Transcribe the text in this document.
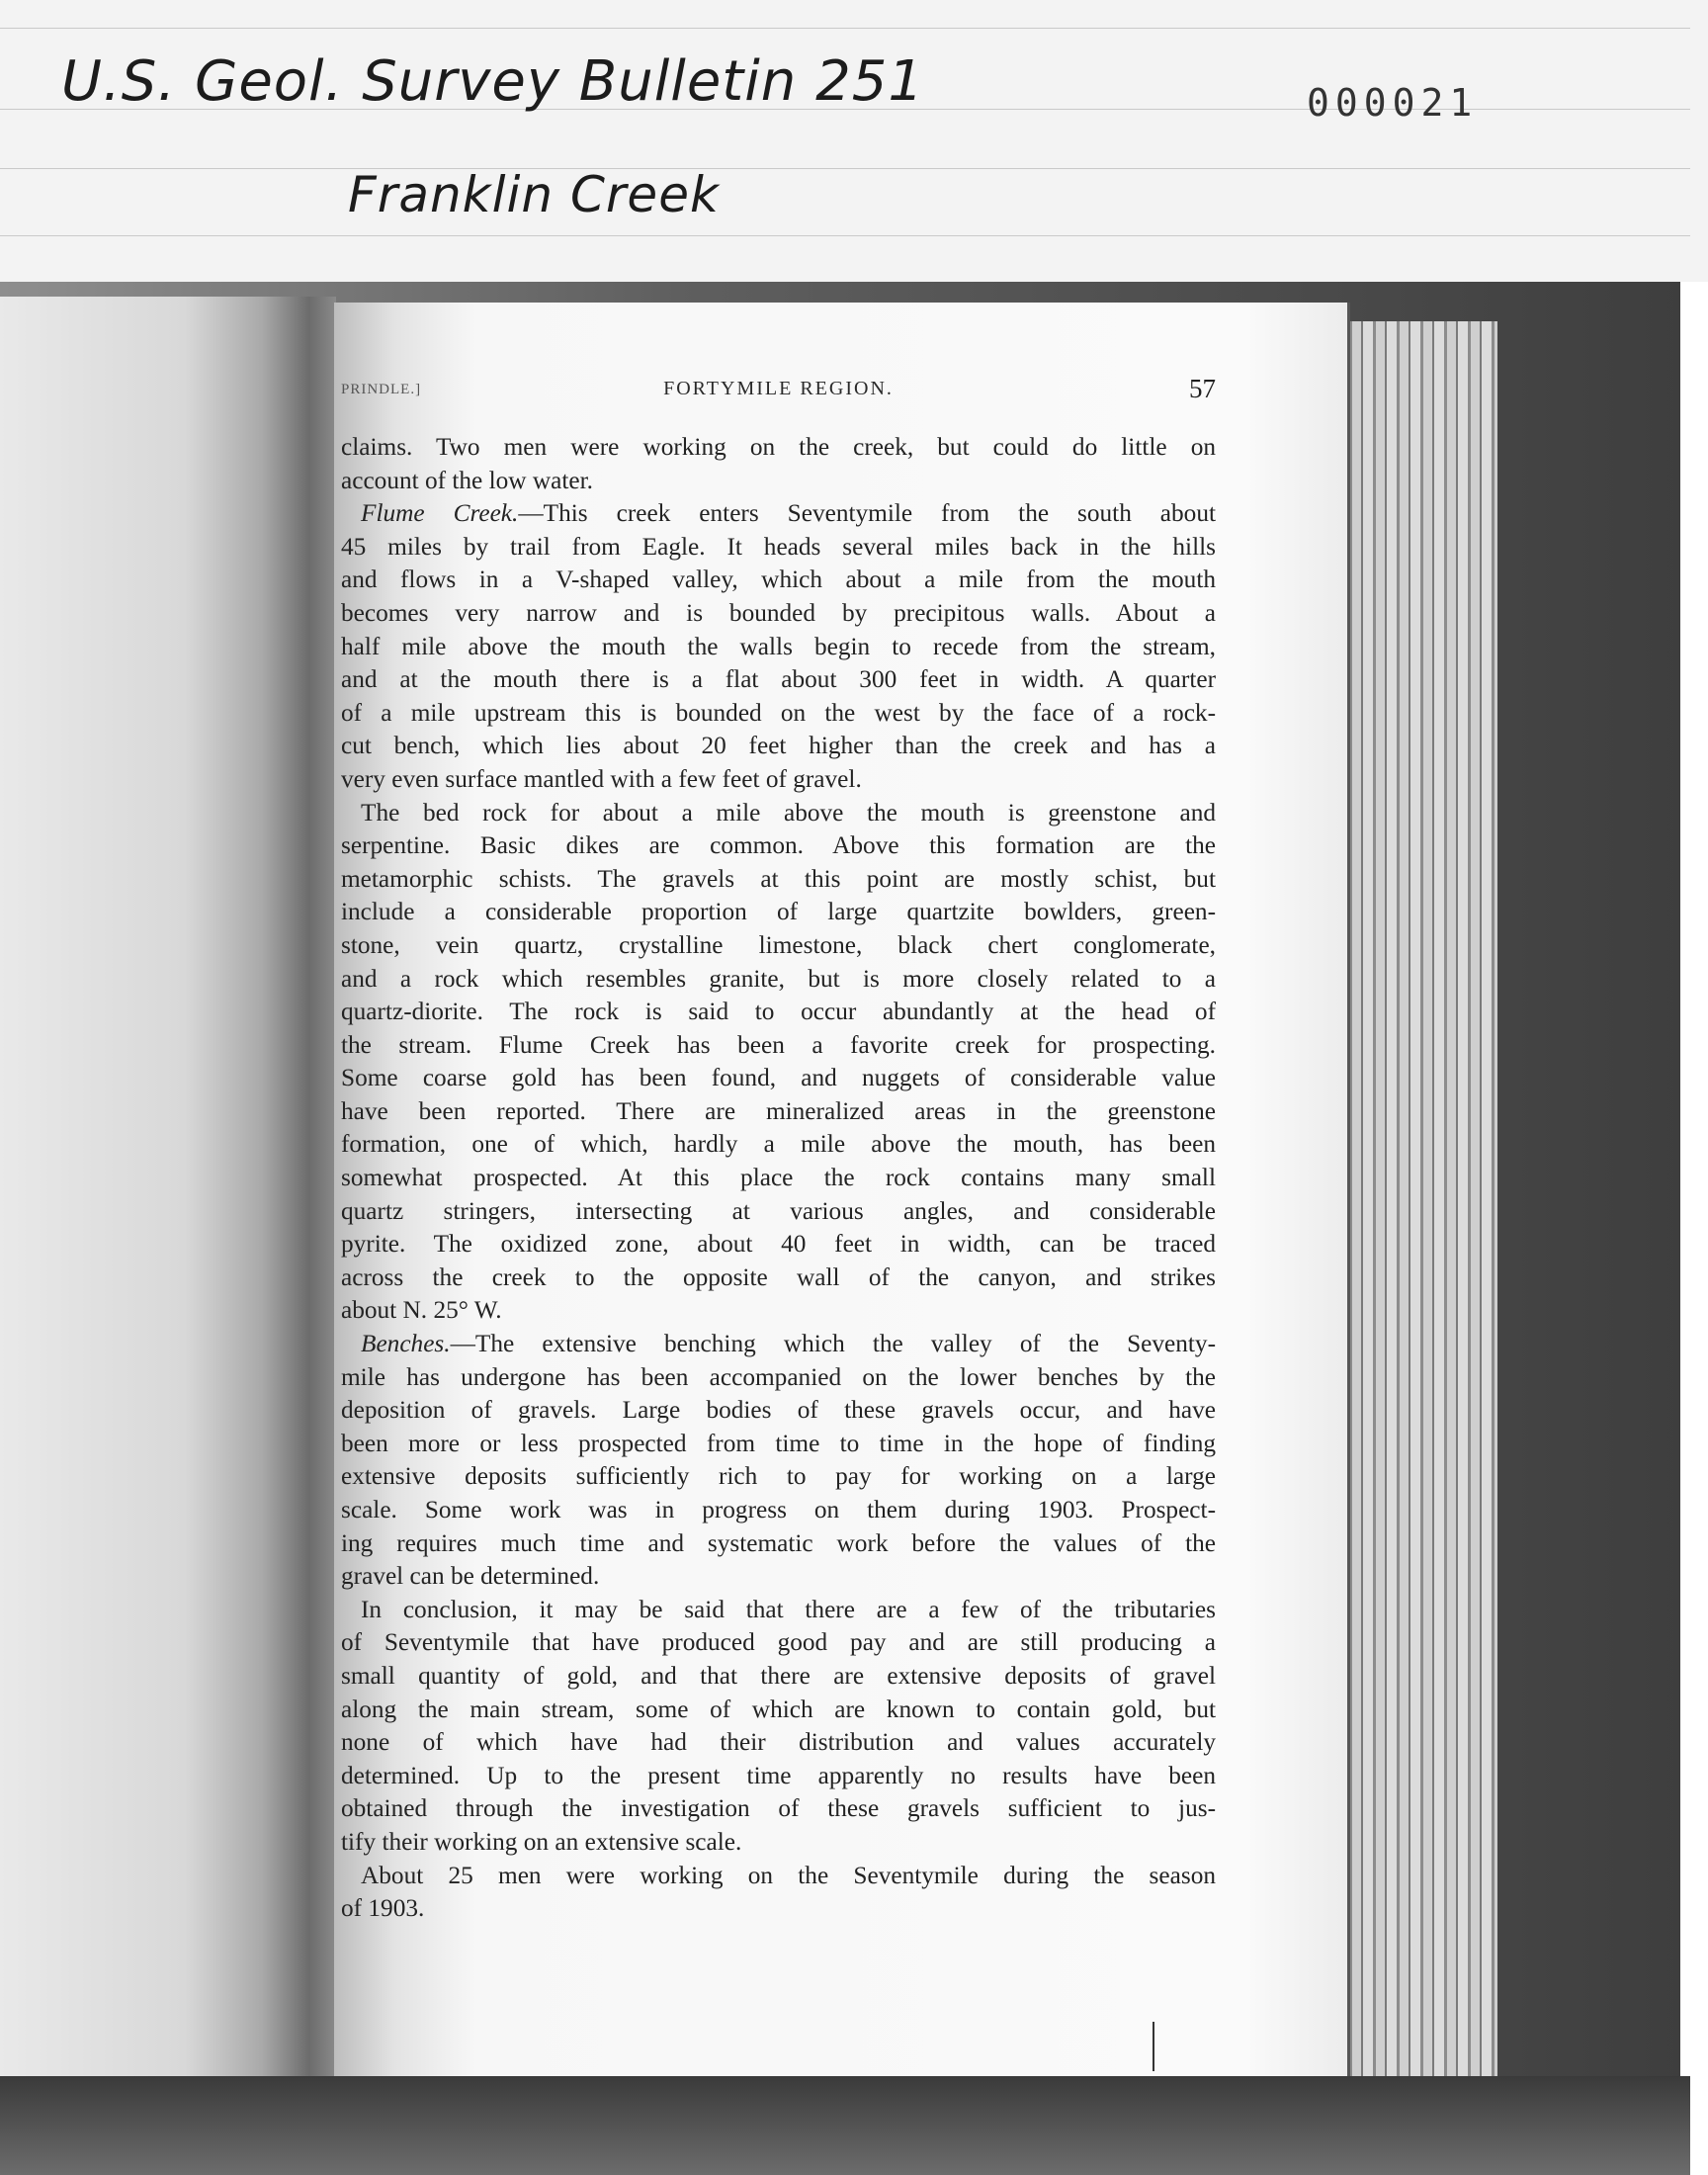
U.S. Geol. Survey Bulletin 251
Franklin Creek
000021
PRINDLE.]	FORTYMILE REGION.	57
claims. Two men were working on the creek, but could do little on
account of the low water.
Flume Creek.—This creek enters Seventymile from the south about
45 miles by trail from Eagle. It heads several miles back in the hills
and flows in a V-shaped valley, which about a mile from the mouth
becomes very narrow and is bounded by precipitous walls. About a
half mile above the mouth the walls begin to recede from the stream,
and at the mouth there is a flat about 300 feet in width. A quarter
of a mile upstream this is bounded on the west by the face of a rock-
cut bench, which lies about 20 feet higher than the creek and has a
very even surface mantled with a few feet of gravel.
The bed rock for about a mile above the mouth is greenstone and
serpentine. Basic dikes are common. Above this formation are the
metamorphic schists. The gravels at this point are mostly schist, but
include a considerable proportion of large quartzite bowlders, green-
stone, vein quartz, crystalline limestone, black chert conglomerate,
and a rock which resembles granite, but is more closely related to a
quartz-diorite. The rock is said to occur abundantly at the head of
the stream. Flume Creek has been a favorite creek for prospecting.
Some coarse gold has been found, and nuggets of considerable value
have been reported. There are mineralized areas in the greenstone
formation, one of which, hardly a mile above the mouth, has been
somewhat prospected. At this place the rock contains many small
quartz stringers, intersecting at various angles, and considerable
pyrite. The oxidized zone, about 40 feet in width, can be traced
across the creek to the opposite wall of the canyon, and strikes
about N. 25° W.
Benches.—The extensive benching which the valley of the Seventy-
mile has undergone has been accompanied on the lower benches by the
deposition of gravels. Large bodies of these gravels occur, and have
been more or less prospected from time to time in the hope of finding
extensive deposits sufficiently rich to pay for working on a large
scale. Some work was in progress on them during 1903. Prospect-
ing requires much time and systematic work before the values of the
gravel can be determined.
In conclusion, it may be said that there are a few of the tributaries
of Seventymile that have produced good pay and are still producing a
small quantity of gold, and that there are extensive deposits of gravel
along the main stream, some of which are known to contain gold, but
none of which have had their distribution and values accurately
determined. Up to the present time apparently no results have been
obtained through the investigation of these gravels sufficient to jus-
tify their working on an extensive scale.
About 25 men were working on the Seventymile during the season
of 1903.
